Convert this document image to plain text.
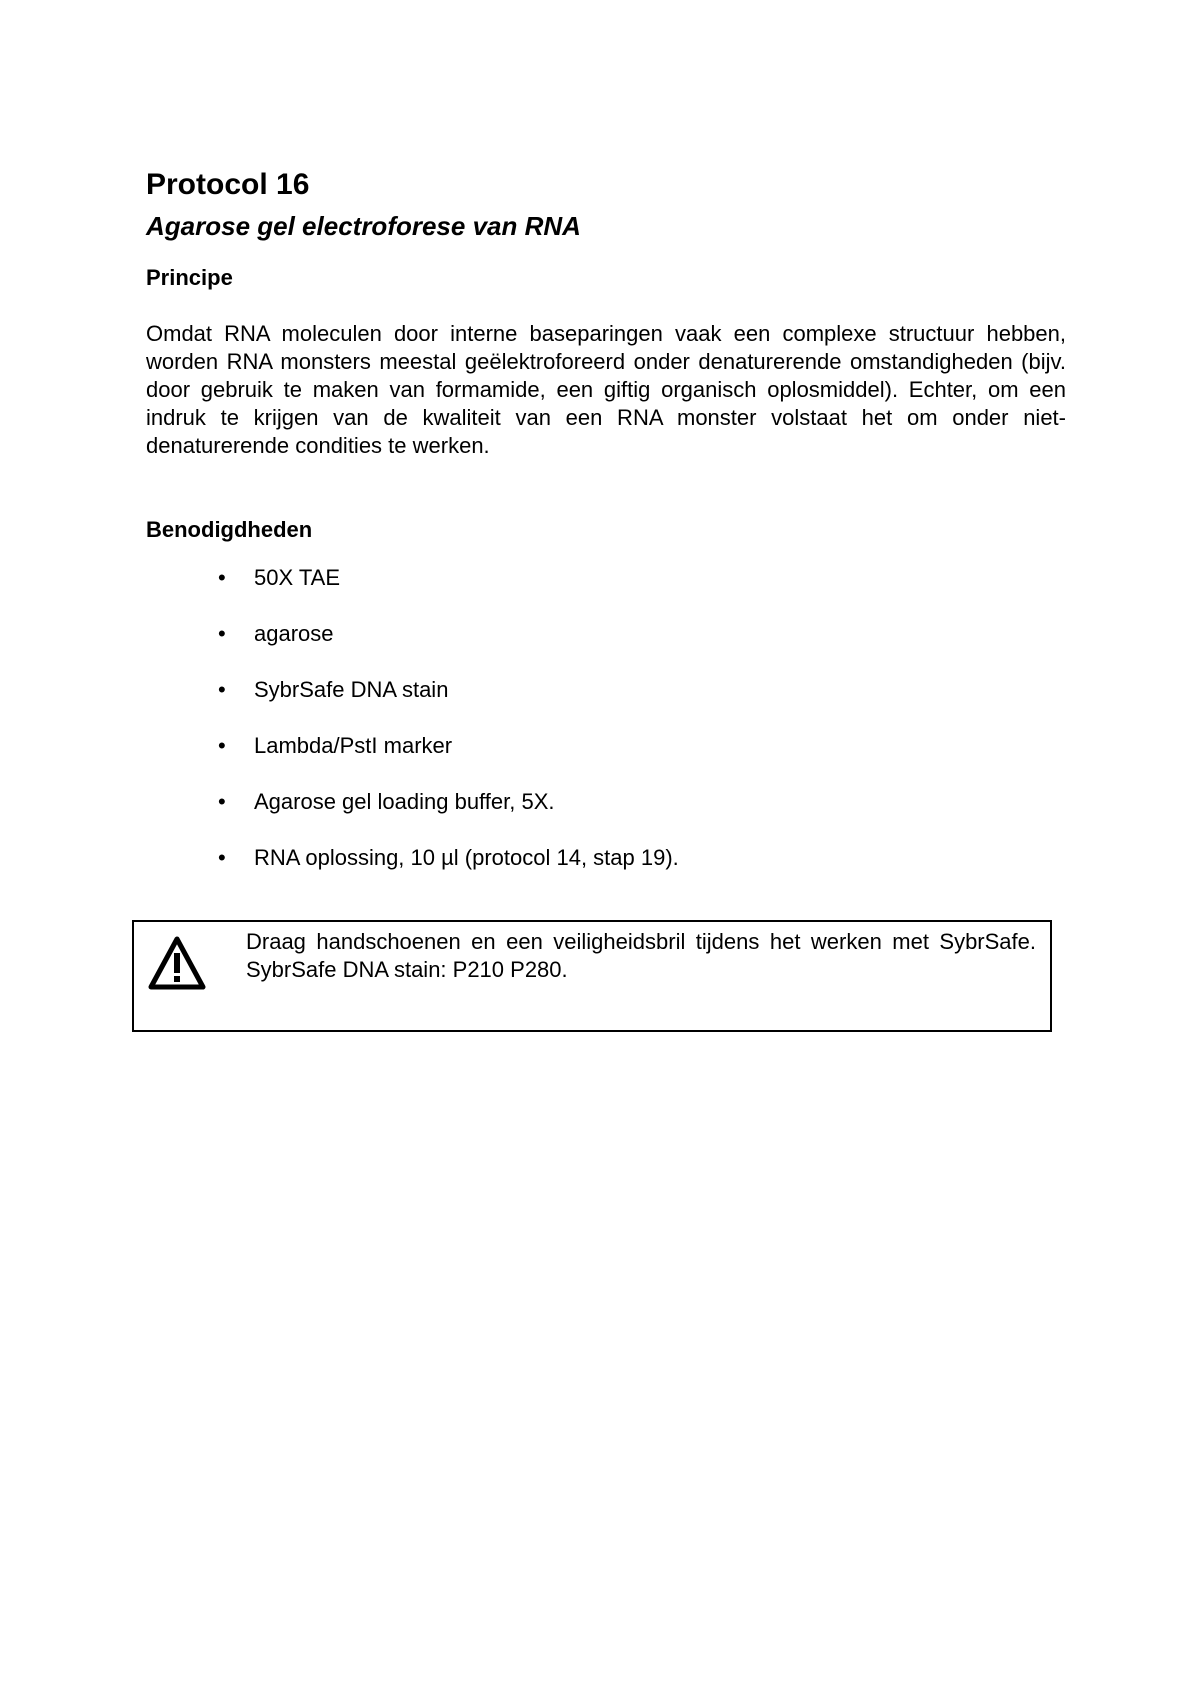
Protocol 16
Agarose gel electroforese van RNA
Principe

Omdat RNA moleculen door interne baseparingen vaak een complexe structuur hebben, worden RNA monsters meestal geëlektroforeerd onder denaturerende omstandigheden (bijv. door gebruik te maken van formamide, een giftig organisch oplosmiddel). Echter, om een indruk te krijgen van de kwaliteit van een RNA monster volstaat het om onder niet-denaturerende condities te werken.

Benodigdheden
• 50X TAE
• agarose
• SybrSafe DNA stain
• Lambda/PstI marker
• Agarose gel loading buffer, 5X.
• RNA oplossing, 10 µl (protocol 14, stap 19).
Draag handschoenen en een veiligheidsbril tijdens het werken met SybrSafe.
SybrSafe DNA stain: P210 P280.
